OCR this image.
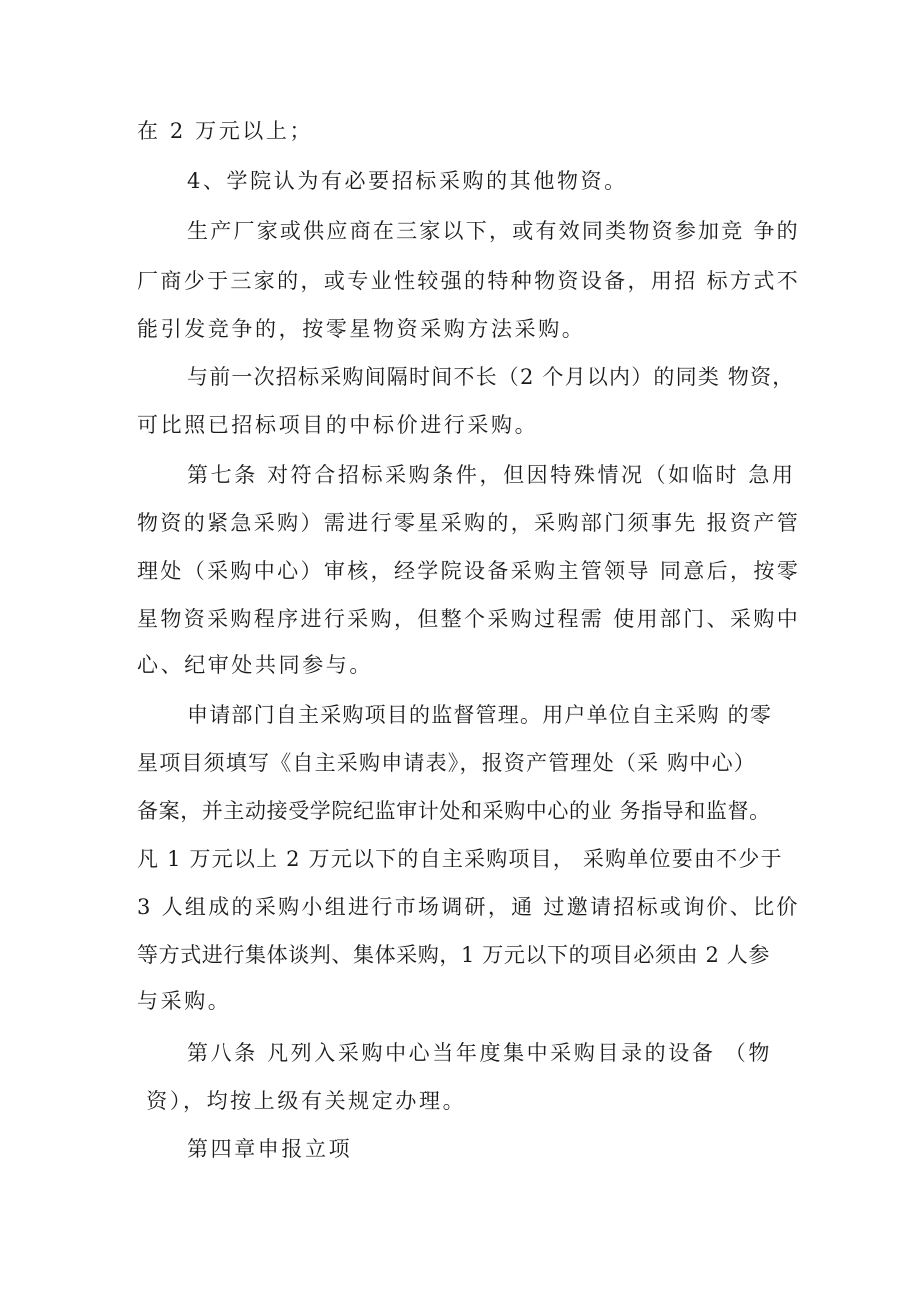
在 2 万元以上；
4、学院认为有必要招标采购的其他物资。
生产厂家或供应商在三家以下，或有效同类物资参加竞 争的
厂商少于三家的，或专业性较强的特种物资设备，用招 标方式不
能引发竞争的，按零星物资采购方法采购。
与前一次招标采购间隔时间不长（2 个月以内）的同类 物资，
可比照已招标项目的中标价进行采购。
第七条 对符合招标采购条件，但因特殊情况（如临时 急用
物资的紧急采购）需进行零星采购的，采购部门须事先 报资产管
理处（采购中心）审核，经学院设备采购主管领导 同意后，按零
星物资采购程序进行采购，但整个采购过程需 使用部门、采购中
心、纪审处共同参与。
申请部门自主采购项目的监督管理。用户单位自主采购 的零
星项目须填写《自主采购申请表》，报资产管理处（采 购中心）
备案，并主动接受学院纪监审计处和采购中心的业 务指导和监督。
凡 1 万元以上 2 万元以下的自主采购项目， 采购单位要由不少于
3 人组成的采购小组进行市场调研，通 过邀请招标或询价、比价
等方式进行集体谈判、集体采购，1 万元以下的项目必须由 2 人参
与采购。
第八条 凡列入采购中心当年度集中采购目录的设备 （物
资），均按上级有关规定办理。
第四章申报立项
